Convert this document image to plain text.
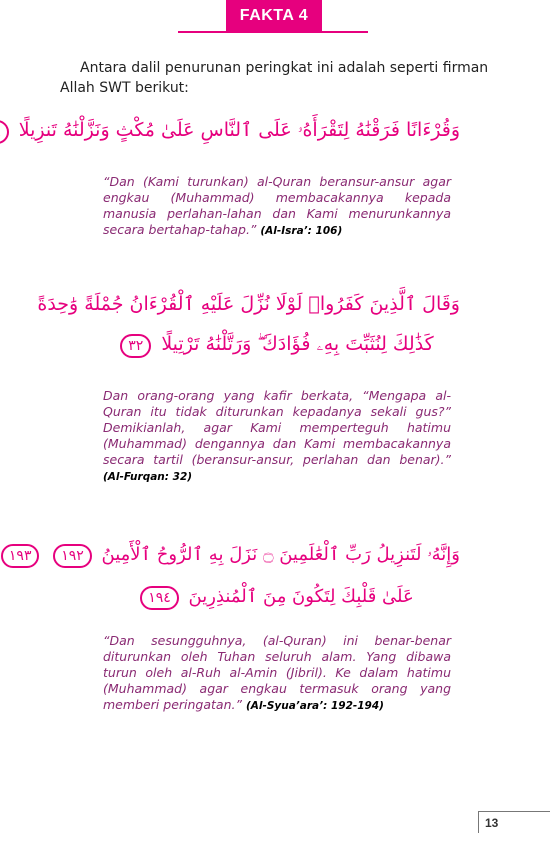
FAKTA 4
Antara dalil penurunan peringkat ini adalah seperti firman Allah SWT berikut:
وَقُرْءَانًا فَرَقْنَٰهُ لِتَقْرَأَهُۥ عَلَى ٱلنَّاسِ عَلَىٰ مُكْثٍ وَنَزَّلْنَٰهُ تَنزِيلًا
“Dan (Kami turunkan) al-Quran beransur-ansur agar engkau (Muhammad) membacakannya kepada manusia perlahan-lahan dan Kami menurunkannya secara bertahap-tahap.” (Al-Isra’: 106)
وَقَالَ ٱلَّذِينَ كَفَرُوا۟ لَوْلَا نُزِّلَ عَلَيْهِ ٱلْقُرْءَانُ جُمْلَةً وَٰحِدَةً
كَذَٰلِكَ لِنُثَبِّتَ بِهِۦ فُؤَادَكَ ۖ وَرَتَّلْنَٰهُ تَرْتِيلًا ٣٢
Dan orang-orang yang kafir berkata, “Mengapa al-Quran itu tidak diturunkan kepadanya sekali gus?” Demikianlah, agar Kami memperteguh hatimu (Muhammad) dengannya dan Kami membacakannya secara tartil (beransur-ansur, perlahan dan benar).” (Al-Furqan: 32)
وَإِنَّهُۥ لَتَنزِيلُ رَبِّ ٱلْعَٰلَمِينَ ۝ نَزَلَ بِهِ ٱلرُّوحُ ٱلْأَمِينُ ١٩٢ ١٩٣
عَلَىٰ قَلْبِكَ لِتَكُونَ مِنَ ٱلْمُنذِرِينَ ١٩٤
“Dan sesungguhnya, (al-Quran) ini benar-benar diturunkan oleh Tuhan seluruh alam. Yang dibawa turun oleh al-Ruh al-Amin (Jibril). Ke dalam hatimu (Muhammad) agar engkau termasuk orang yang memberi peringatan.” (Al-Syua’ara’: 192-194)
13
